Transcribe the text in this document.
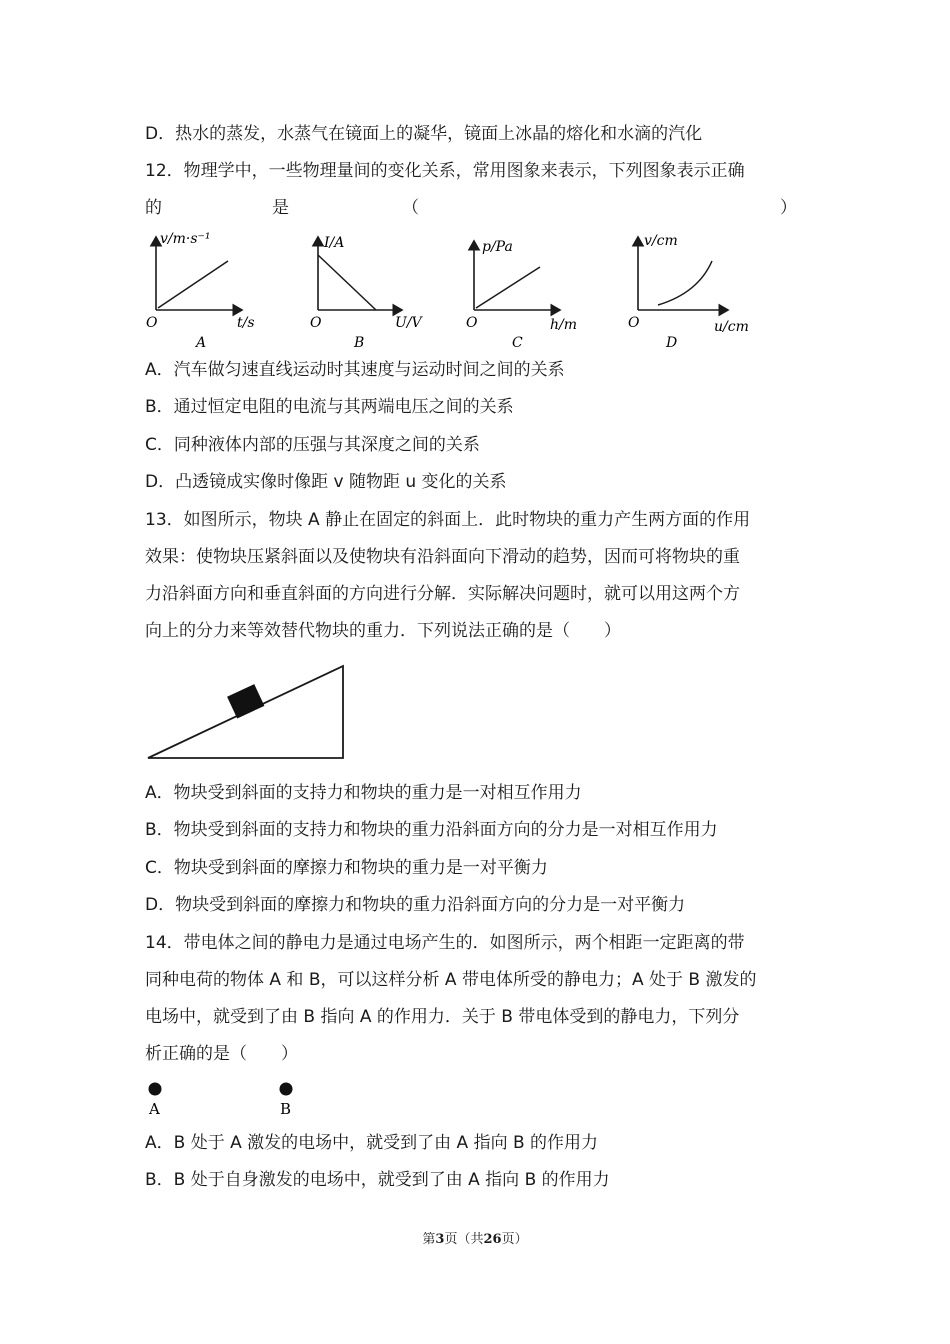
D．热水的蒸发，水蒸气在镜面上的凝华，镜面上冰晶的熔化和水滴的汽化
12．物理学中，一些物理量间的变化关系，常用图象来表示，下列图象表示正确
的	是	（	）
v/m·s⁻¹
t/s
O
A
I/A
U/V
O
B
p/Pa
h/m
O
C
v/cm
u/cm
O
D
A．汽车做匀速直线运动时其速度与运动时间之间的关系
B．通过恒定电阻的电流与其两端电压之间的关系
C．同种液体内部的压强与其深度之间的关系
D．凸透镜成实像时像距 v 随物距 u 变化的关系
13．如图所示，物块 A 静止在固定的斜面上．此时物块的重力产生两方面的作用
效果：使物块压紧斜面以及使物块有沿斜面向下滑动的趋势，因而可将物块的重
力沿斜面方向和垂直斜面的方向进行分解．实际解决问题时，就可以用这两个方
向上的分力来等效替代物块的重力．下列说法正确的是（　　）
A．物块受到斜面的支持力和物块的重力是一对相互作用力
B．物块受到斜面的支持力和物块的重力沿斜面方向的分力是一对相互作用力
C．物块受到斜面的摩擦力和物块的重力是一对平衡力
D．物块受到斜面的摩擦力和物块的重力沿斜面方向的分力是一对平衡力
14．带电体之间的静电力是通过电场产生的．如图所示，两个相距一定距离的带
同种电荷的物体 A 和 B，可以这样分析 A 带电体所受的静电力；A 处于 B 激发的
电场中，就受到了由 B 指向 A 的作用力．关于 B 带电体受到的静电力，下列分
析正确的是（　　）
A	B
A．B 处于 A 激发的电场中，就受到了由 A 指向 B 的作用力
B．B 处于自身激发的电场中，就受到了由 A 指向 B 的作用力
第3页（共26页）
